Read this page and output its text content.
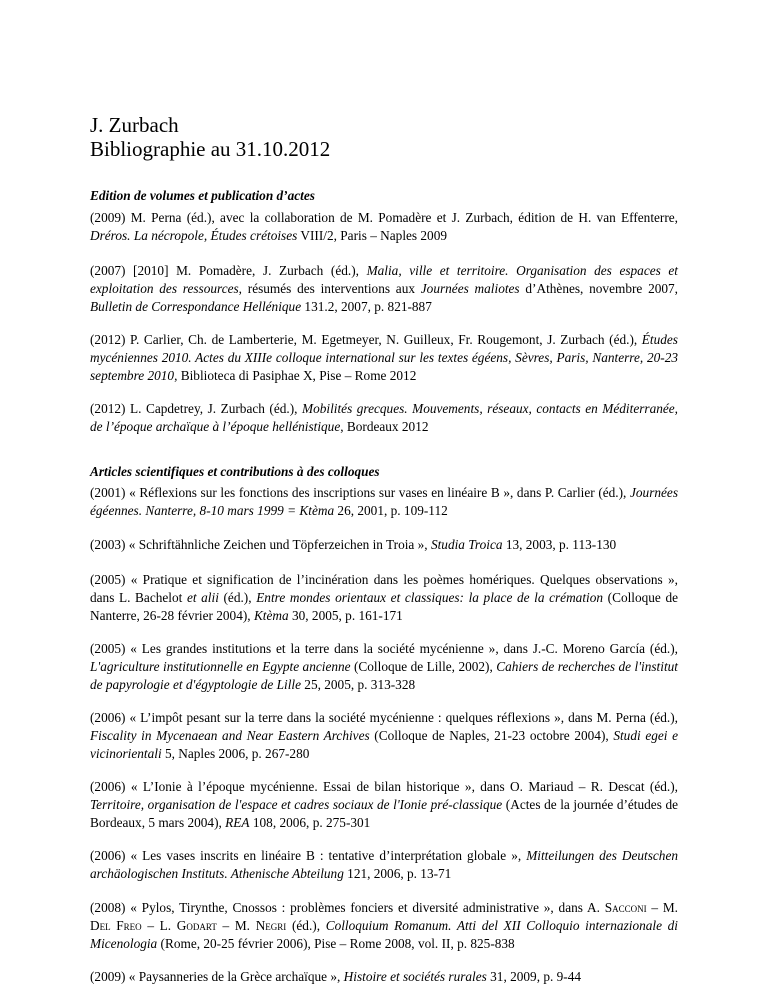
J. Zurbach
Bibliographie au 31.10.2012
Edition de volumes et publication d’actes
(2009) M. Perna (éd.), avec la collaboration de M. Pomadère et J. Zurbach, édition de H. van Effenterre, Dréros. La nécropole, Études crétoises VIII/2, Paris – Naples 2009
(2007) [2010] M. Pomadère, J. Zurbach (éd.), Malia, ville et territoire. Organisation des espaces et exploitation des ressources, résumés des interventions aux Journées maliotes d’Athènes, novembre 2007, Bulletin de Correspondance Hellénique 131.2, 2007, p. 821-887
(2012) P. Carlier, Ch. de Lamberterie, M. Egetmeyer, N. Guilleux, Fr. Rougemont, J. Zurbach (éd.), Études mycéniennes 2010. Actes du XIIIe colloque international sur les textes égéens, Sèvres, Paris, Nanterre, 20-23 septembre 2010, Biblioteca di Pasiphae X, Pise – Rome 2012
(2012) L. Capdetrey, J. Zurbach (éd.), Mobilités grecques. Mouvements, réseaux, contacts en Méditerranée, de l’époque archaïque à l’époque hellénistique, Bordeaux 2012
Articles scientifiques et contributions à des colloques
(2001) « Réflexions sur les fonctions des inscriptions sur vases en linéaire B », dans P. Carlier (éd.), Journées égéennes. Nanterre, 8-10 mars 1999 = Ktèma 26, 2001, p. 109-112
(2003) « Schriftähnliche Zeichen und Töpferzeichen in Troia », Studia Troica 13, 2003, p. 113-130
(2005) « Pratique et signification de l’incinération dans les poèmes homériques. Quelques observations », dans L. Bachelot et alii (éd.), Entre mondes orientaux et classiques: la place de la crémation (Colloque de Nanterre, 26-28 février 2004), Ktèma 30, 2005, p. 161-171
(2005) « Les grandes institutions et la terre dans la société mycénienne », dans J.-C. Moreno García (éd.), L'agriculture institutionnelle en Egypte ancienne (Colloque de Lille, 2002), Cahiers de recherches de l'institut de papyrologie et d'égyptologie de Lille 25, 2005, p. 313-328
(2006) « L’impôt pesant sur la terre dans la société mycénienne : quelques réflexions », dans M. Perna (éd.), Fiscality in Mycenaean and Near Eastern Archives (Colloque de Naples, 21-23 octobre 2004), Studi egei e vicinorientali 5, Naples 2006, p. 267-280
(2006) « L’Ionie à l’époque mycénienne. Essai de bilan historique », dans O. Mariaud – R. Descat (éd.), Territoire, organisation de l'espace et cadres sociaux de l'Ionie pré-classique (Actes de la journée d’études de Bordeaux, 5 mars 2004), REA 108, 2006, p. 275-301
(2006) « Les vases inscrits en linéaire B : tentative d’interprétation globale », Mitteilungen des Deutschen archäologischen Instituts. Athenische Abteilung 121, 2006, p. 13-71
(2008) « Pylos, Tirynthe, Cnossos : problèmes fonciers et diversité administrative », dans A. Sacconi – M. Del Freo – L. Godart – M. Negri (éd.), Colloquium Romanum. Atti del XII Colloquio internazionale di Micenologia (Rome, 20-25 février 2006), Pise – Rome 2008, vol. II, p. 825-838
(2009) « Paysanneries de la Grèce archaïque », Histoire et sociétés rurales 31, 2009, p. 9-44
